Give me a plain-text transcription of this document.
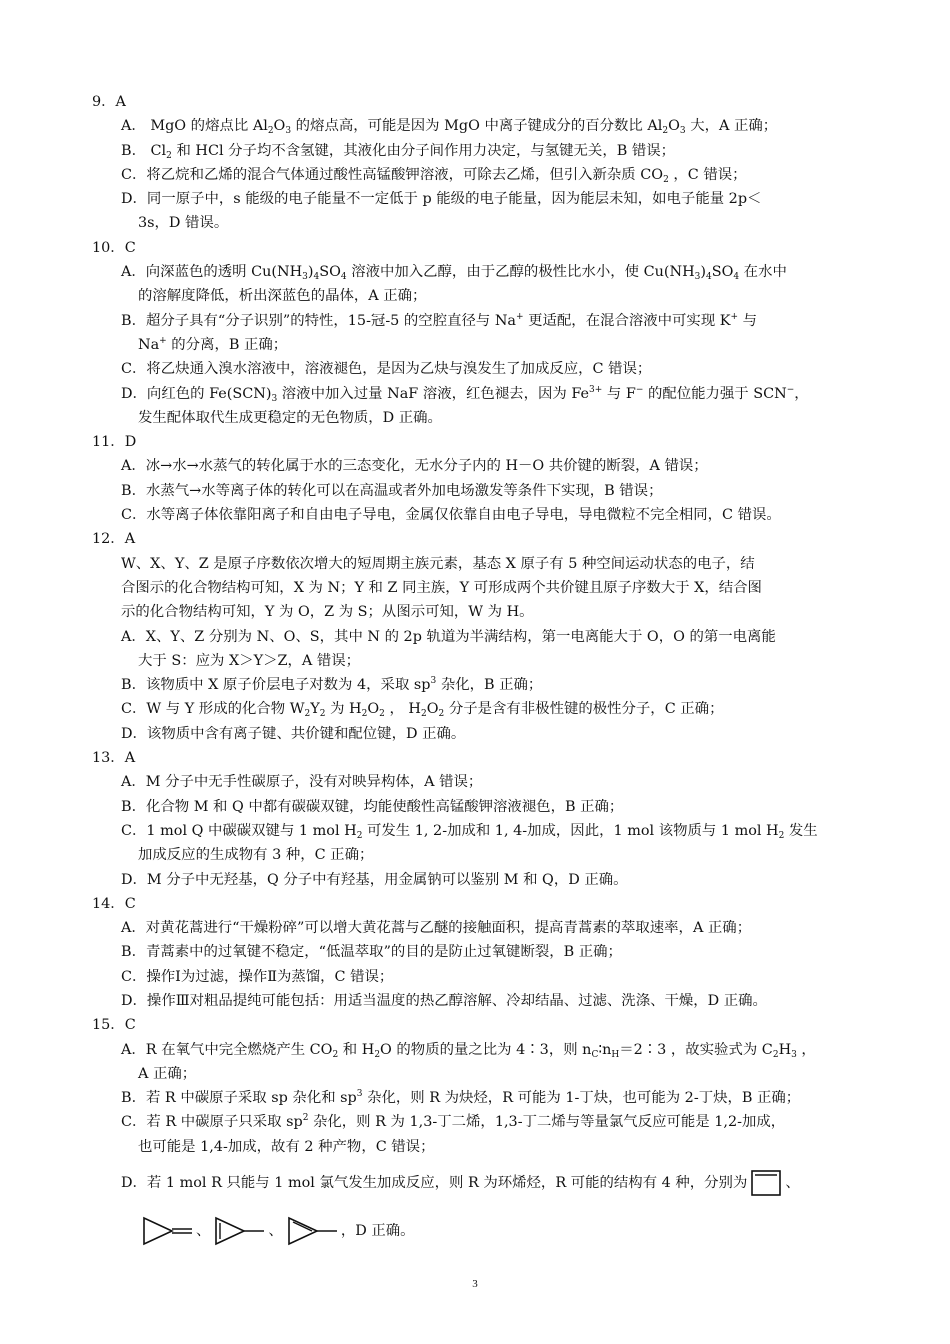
9．A
A． MgO 的熔点比 $Al_2O_3$ 的熔点高，可能是因为 MgO 中离子键成分的百分数比 $Al_2O_3$ 大，A 正确；
B． $Cl_2$ 和 HCl 分子均不含氢键，其液化由分子间作用力决定，与氢键无关，B 错误；
C．将乙烷和乙烯的混合气体通过酸性高锰酸钾溶液，可除去乙烯，但引入新杂质 $CO_2$ ，C 错误；
D．同一原子中，s 能级的电子能量不一定低于 p 能级的电子能量，因为能层未知，如电子能量 2p＜
3s，D 错误。
10．C
A．向深蓝色的透明 $Cu(NH_3)_4SO_4$ 溶液中加入乙醇，由于乙醇的极性比水小，使 $Cu(NH_3)_4SO_4$ 在水中
的溶解度降低，析出深蓝色的晶体，A 正确；
B．超分子具有“分子识别”的特性，15-冠-5 的空腔直径与 Na+ 更适配，在混合溶液中可实现 K+ 与
Na+ 的分离，B 正确；
C．将乙炔通入溴水溶液中，溶液褪色，是因为乙炔与溴发生了加成反应，C 错误；
D．向红色的 $Fe(SCN)_3$ 溶液中加入过量 NaF 溶液，红色褪去，因为 $Fe^{3+}$ 与 F− 的配位能力强于 SCN−，
发生配体取代生成更稳定的无色物质，D 正确。
11．D
A．冰→水→水蒸气的转化属于水的三态变化，无水分子内的 H－O 共价键的断裂，A 错误；
B．水蒸气→水等离子体的转化可以在高温或者外加电场激发等条件下实现，B 错误；
C．水等离子体依靠阳离子和自由电子导电，金属仅依靠自由电子导电，导电微粒不完全相同，C 错误。
12．A
W、X、Y、Z 是原子序数依次增大的短周期主族元素，基态 X 原子有 5 种空间运动状态的电子，结
合图示的化合物结构可知，X 为 N；Y 和 Z 同主族，Y 可形成两个共价键且原子序数大于 X，结合图
示的化合物结构可知，Y 为 O，Z 为 S；从图示可知，W 为 H。
A．X、Y、Z 分别为 N、O、S，其中 N 的 2p 轨道为半满结构，第一电离能大于 O，O 的第一电离能
大于 S：应为 X＞Y＞Z，A 错误；
B．该物质中 X 原子价层电子对数为 4，采取 $sp^3$ 杂化，B 正确；
C．W 与 Y 形成的化合物 $W_2Y_2$ 为 $H_2O_2$ ， $H_2O_2$ 分子是含有非极性键的极性分子，C 正确；
D．该物质中含有离子键、共价键和配位键，D 正确。
13．A
A．M 分子中无手性碳原子，没有对映异构体，A 错误；
B．化合物 M 和 Q 中都有碳碳双键，均能使酸性高锰酸钾溶液褪色，B 正确；
C．1 mol Q 中碳碳双键与 1 mol $H_2$ 可发生 1, 2-加成和 1, 4-加成，因此，1 mol 该物质与 1 mol $H_2$ 发生
加成反应的生成物有 3 种，C 正确；
D．M 分子中无羟基，Q 分子中有羟基，用金属钠可以鉴别 M 和 Q，D 正确。
14．C
A．对黄花蒿进行“干燥粉碎”可以增大黄花蒿与乙醚的接触面积，提高青蒿素的萃取速率，A 正确；
B．青蒿素中的过氧键不稳定，“低温萃取”的目的是防止过氧键断裂，B 正确；
C．操作Ⅰ为过滤，操作Ⅱ为蒸馏，C 错误；
D．操作Ⅲ对粗品提纯可能包括：用适当温度的热乙醇溶解、冷却结晶、过滤、洗涤、干燥，D 正确。
15．C
A．R 在氧气中完全燃烧产生 $CO_2$ 和 $H_2O$ 的物质的量之比为 4∶3，则 $n_C∶n_H=2∶3$ ，故实验式为 $C_2H_3$ ，
A 正确；
B．若 R 中碳原子采取 sp 杂化和 $sp^3$ 杂化，则 R 为炔烃，R 可能为 1-丁炔，也可能为 2-丁炔，B 正确；
C．若 R 中碳原子只采取 $sp^2$ 杂化，则 R 为 1,3-丁二烯，1,3-丁二烯与等量氯气反应可能是 1,2-加成，
也可能是 1,4-加成，故有 2 种产物，C 错误；
D．若 1 mol R 只能与 1 mol 氯气发生加成反应，则 R 为环烯烃，R 可能的结构有 4 种，分别为	、
、	、	，D 正确。
3
